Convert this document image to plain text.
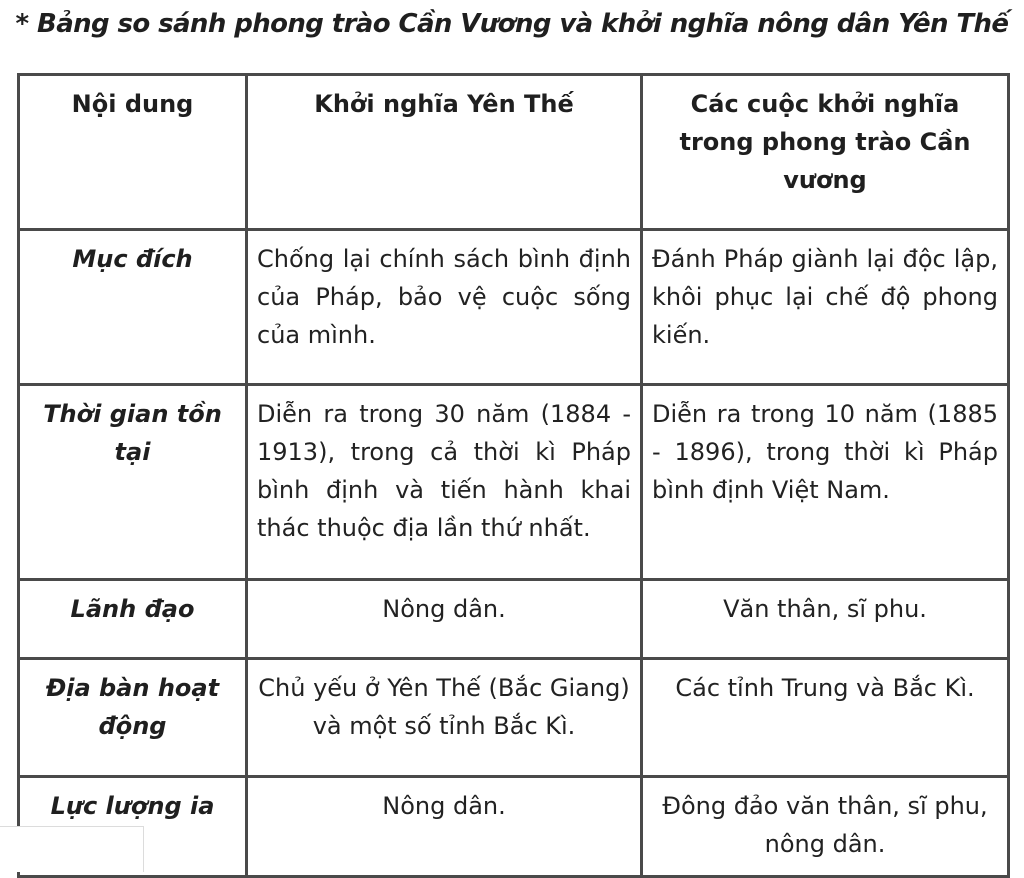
* Bảng so sánh phong trào Cần Vương và khởi nghĩa nông dân Yên Thế
Nội dung	Khởi nghĩa Yên Thế	Các cuộc khởi nghĩa trong phong trào Cần vương
Mục đích	Chống lại chính sách bình định của Pháp, bảo vệ cuộc sống của mình.	Đánh Pháp giành lại độc lập, khôi phục lại chế độ phong kiến.
Thời gian tồn tại	Diễn ra trong 30 năm (1884 - 1913), trong cả thời kì Pháp bình định và tiến hành khai thác thuộc địa lần thứ nhất.	Diễn ra trong 10 năm (1885 - 1896), trong thời kì Pháp bình định Việt Nam.
Lãnh đạo	Nông dân.	Văn thân, sĩ phu.
Địa bàn hoạt động	Chủ yếu ở Yên Thế (Bắc Giang) và một số tỉnh Bắc Kì.	Các tỉnh Trung và Bắc Kì.
Lực lượng ia	Nông dân.	Đông đảo văn thân, sĩ phu, nông dân.
